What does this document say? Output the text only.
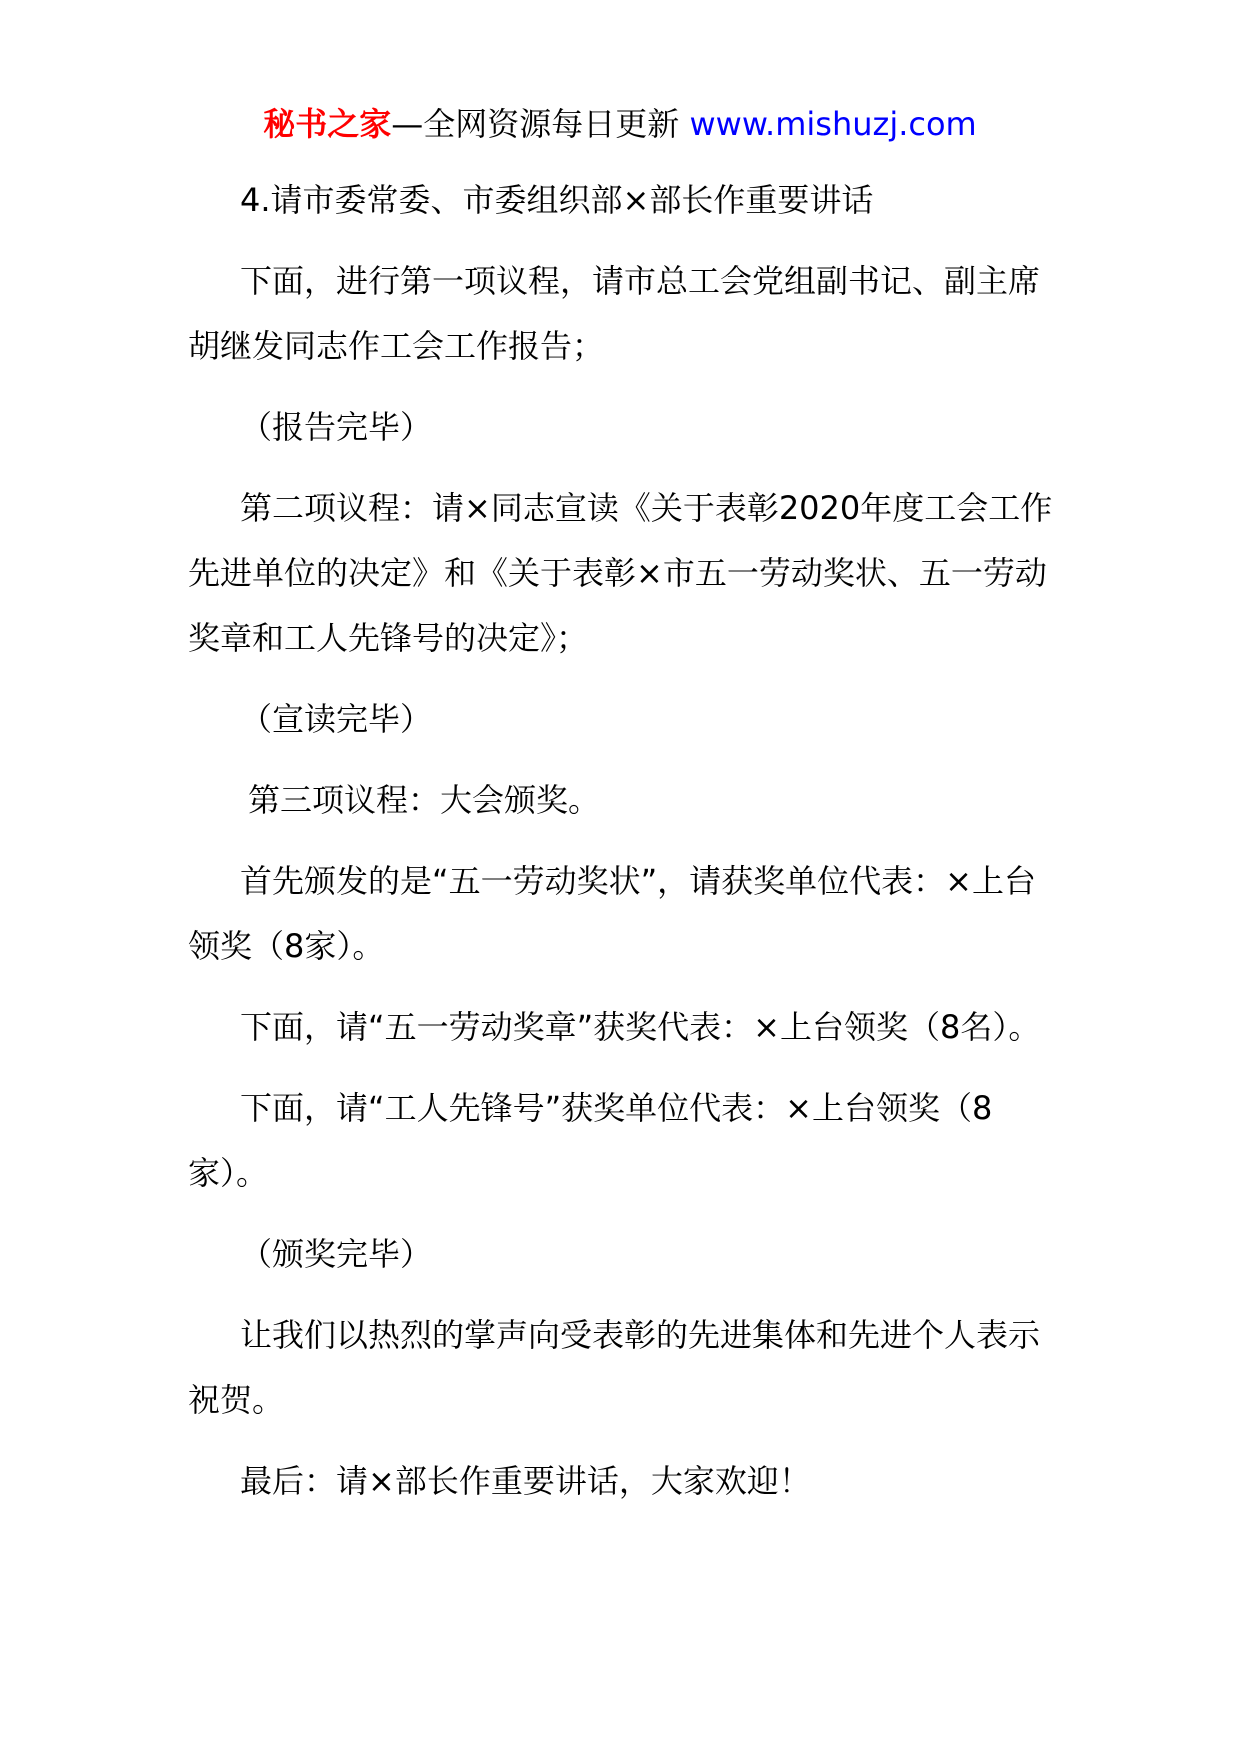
秘书之家—全网资源每日更新 www.mishuzj.com

4.请市委常委、市委组织部×部长作重要讲话

下面，进行第一项议程，请市总工会党组副书记、副主席胡继发同志作工会工作报告；

（报告完毕）

第二项议程：请×同志宣读《关于表彰2020年度工会工作先进单位的决定》和《关于表彰×市五一劳动奖状、五一劳动奖章和工人先锋号的决定》；

（宣读完毕）

第三项议程：大会颁奖。

首先颁发的是“五一劳动奖状”，请获奖单位代表：×上台领奖（8家）。

下面，请“五一劳动奖章”获奖代表：×上台领奖（8名）。

下面，请“工人先锋号”获奖单位代表：×上台领奖（8家）。

（颁奖完毕）

让我们以热烈的掌声向受表彰的先进集体和先进个人表示祝贺。

最后：请×部长作重要讲话，大家欢迎！
